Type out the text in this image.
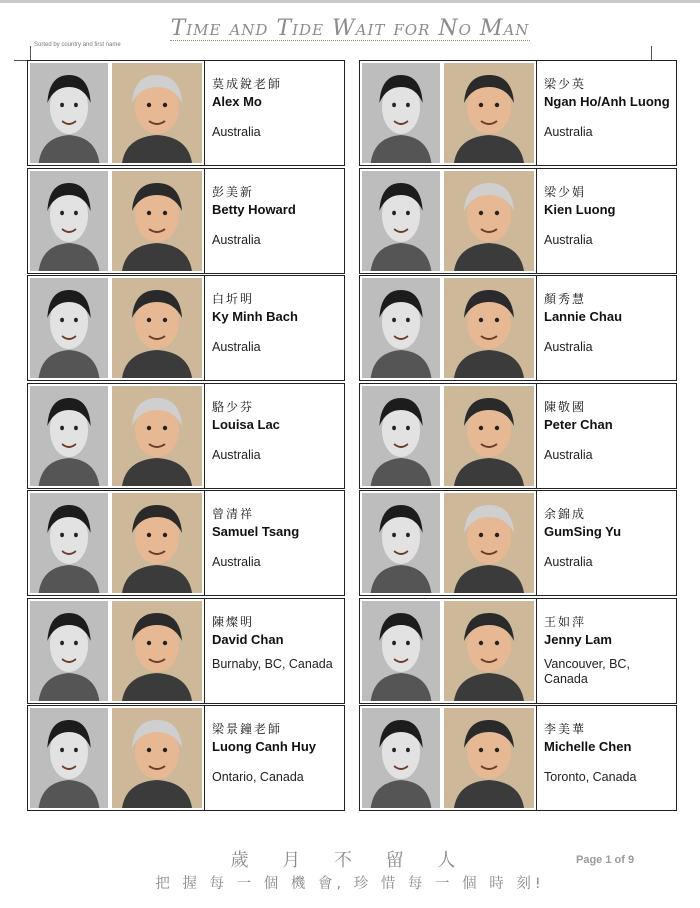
Time and Tide Wait for No Man
Sorted by country and first name
莫成銳老師
Alex Mo
Australia
梁少英
Ngan Ho/Anh Luong
Australia
彭美新
Betty Howard
Australia
梁少娟
Kien Luong
Australia
白圻明
Ky Minh Bach
Australia
顏秀慧
Lannie Chau
Australia
駱少芬
Louisa Lac
Australia
陳敬國
Peter Chan
Australia
曾清祥
Samuel Tsang
Australia
余錦成
GumSing Yu
Australia
陳燦明
David Chan
Burnaby, BC, Canada
王如萍
Jenny Lam
Vancouver, BC, Canada
梁景鐘老師
Luong Canh Huy
Ontario, Canada
李美華
Michelle Chen
Toronto, Canada
歲 月 不 留 人
把 握 每 一 個 機 會, 珍 惜 每 一 個 時 刻!
Page 1 of 9
